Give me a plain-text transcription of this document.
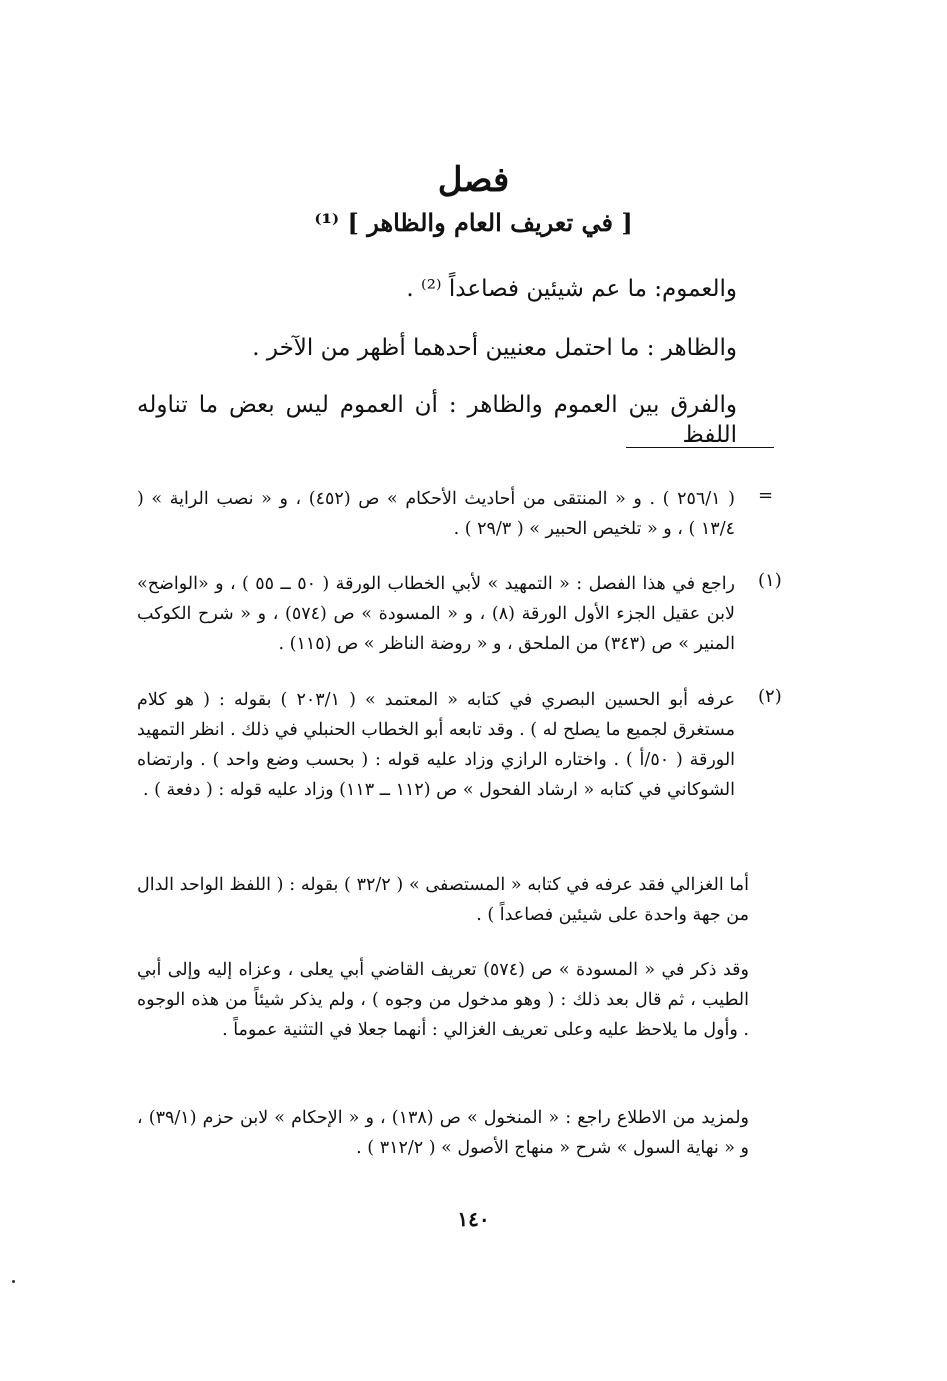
فصل
[ في تعريف العام والظاهر ] ⁽¹⁾
والعموم: ما عم شيئين فصاعداً ⁽²⁾ .
والظاهر : ما احتمل معنيين أحدهما أظهر من الآخر .
والفرق بين العموم والظاهر : أن العموم ليس بعض ما تناوله اللفظ
=
( ٢٥٦/١ ) . و « المنتقى من أحاديث الأحكام » ص (٤٥٢) ، و « نصب الراية » ( ١٣/٤ ) ، و « تلخيص الحبير » ( ٢٩/٣ ) .
(١)
راجع في هذا الفصل : « التمهيد » لأبي الخطاب الورقة ( ٥٠ ــ ٥٥ ) ، و «الواضح» لابن عقيل الجزء الأول الورقة (٨) ، و « المسودة » ص (٥٧٤) ، و « شرح الكوكب المنير » ص (٣٤٣) من الملحق ، و « روضة الناظر » ص (١١٥) .
(٢)
عرفه أبو الحسين البصري في كتابه « المعتمد » ( ٢٠٣/١ ) بقوله : ( هو كلام مستغرق لجميع ما يصلح له ) . وقد تابعه أبو الخطاب الحنبلي في ذلك . انظر التمهيد الورقة ( ٥٠/أ ) . واختاره الرازي وزاد عليه قوله : ( بحسب وضع واحد ) . وارتضاه الشوكاني في كتابه « ارشاد الفحول » ص (١١٢ ــ ١١٣) وزاد عليه قوله : ( دفعة ) .
أما الغزالي فقد عرفه في كتابه « المستصفى » ( ٣٢/٢ ) بقوله : ( اللفظ الواحد الدال من جهة واحدة على شيئين فصاعداً ) .
وقد ذكر في « المسودة » ص (٥٧٤) تعريف القاضي أبي يعلى ، وعزاه إليه وإلى أبي الطيب ، ثم قال بعد ذلك : ( وهو مدخول من وجوه ) ، ولم يذكر شيئاً من هذه الوجوه . وأول ما يلاحظ عليه وعلى تعريف الغزالي : أنهما جعلا في التثنية عموماً .
ولمزيد من الاطلاع راجع : « المنخول » ص (١٣٨) ، و « الإحكام » لابن حزم (٣٩/١) ، و « نهاية السول » شرح « منهاج الأصول » ( ٣١٢/٢ ) .
١٤٠
